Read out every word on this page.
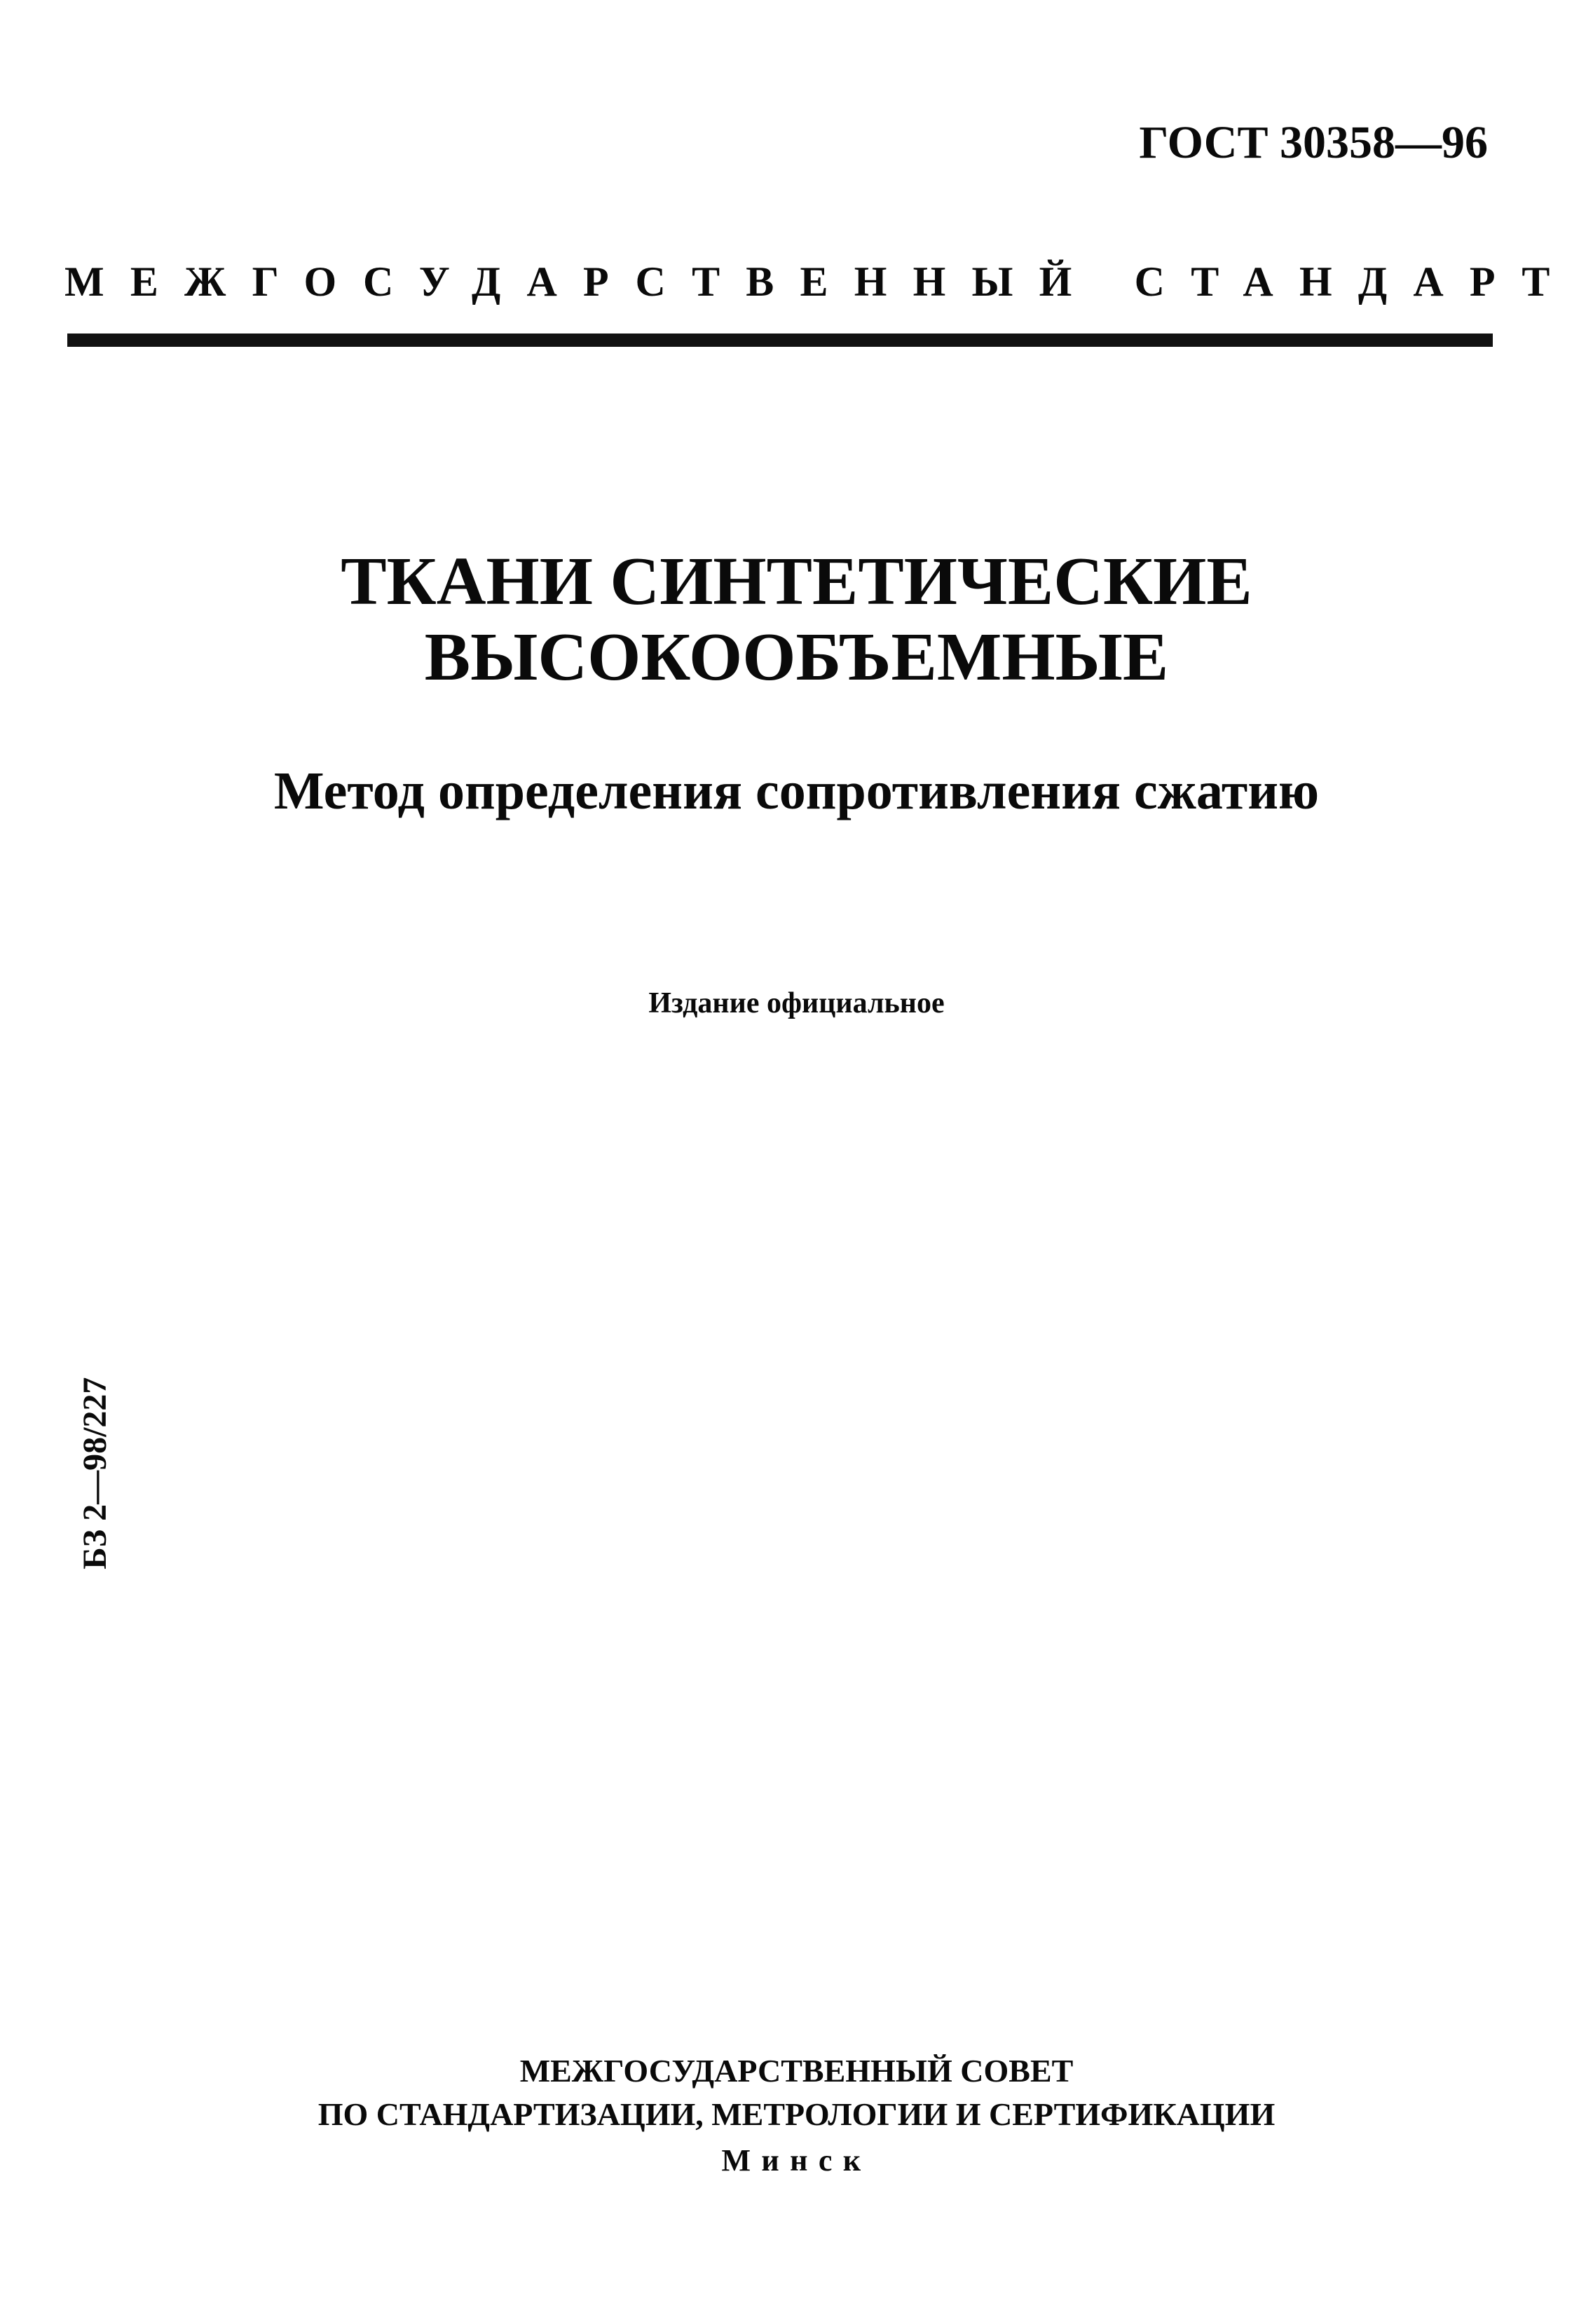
ГОСТ 30358—96
МЕЖГОСУДАРСТВЕННЫЙ СТАНДАРТ
ТКАНИ СИНТЕТИЧЕСКИЕ
ВЫСОКООБЪЕМНЫЕ
Метод определения сопротивления сжатию
Издание официальное
БЗ 2—98/227
МЕЖГОСУДАРСТВЕННЫЙ СОВЕТ
ПО СТАНДАРТИЗАЦИИ, МЕТРОЛОГИИ И СЕРТИФИКАЦИИ
Минск
